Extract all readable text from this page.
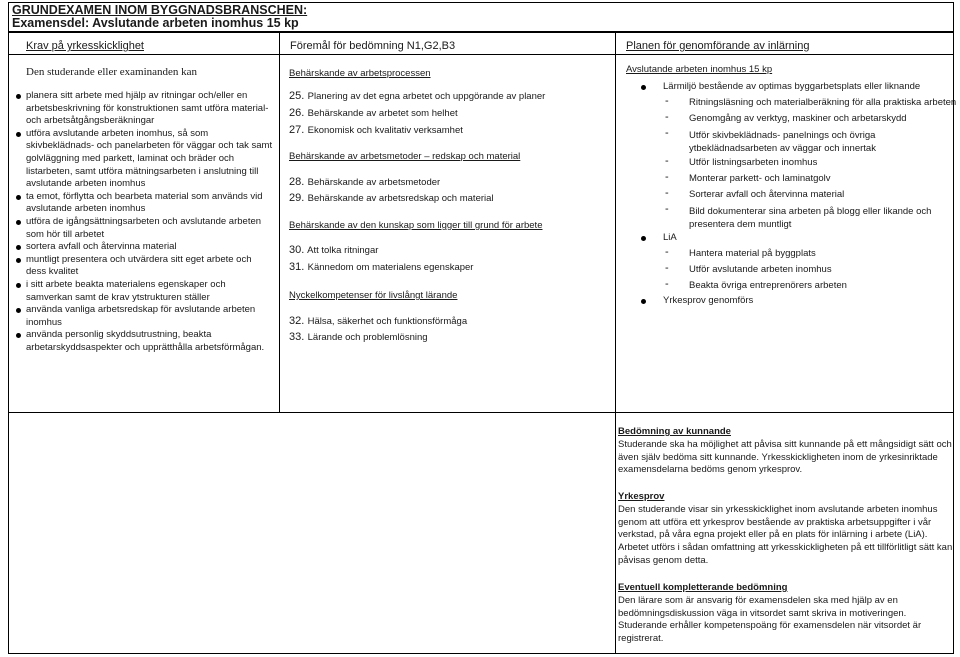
GRUNDEXAMEN INOM BYGGNADSBRANSCHEN:
Examensdel: Avslutande arbeten inomhus 15 kp
Krav på yrkesskicklighet
Den studerande eller examinanden kan
planera sitt arbete med hjälp av ritningar och/eller en arbetsbeskrivning för konstruktionen samt utföra material- och arbetsåtgångsberäkningar
utföra avslutande arbeten inomhus, så som skivbeklädnads- och panelarbeten för väggar och tak samt golvläggning med parkett, laminat och bräder och listarbeten, samt utföra mätningsarbeten i anslutning till avslutande arbeten inomhus
ta emot, förflytta och bearbeta material som används vid avslutande arbeten inomhus
utföra de igångsättningsarbeten och avslutande arbeten som hör till arbetet
sortera avfall och återvinna material
muntligt presentera och utvärdera sitt eget arbete och dess kvalitet
i sitt arbete beakta materialens egenskaper och samverkan samt de krav ytstrukturen ställer
använda vanliga arbetsredskap för avslutande arbeten inomhus
använda personlig skyddsutrustning, beakta arbetarskyddsaspekter och upprätthålla arbetsförmågan.
Föremål för bedömning N1,G2,B3
Behärskande av arbetsprocessen
25. Planering av det egna arbetet och uppgörande av planer
26. Behärskande av arbetet som helhet
27. Ekonomisk och kvalitativ verksamhet
Behärskande av arbetsmetoder – redskap och material
28. Behärskande av arbetsmetoder
29. Behärskande av arbetsredskap och material
Behärskande av den kunskap som ligger till grund för arbete
30. Att tolka ritningar
31. Kännedom om materialens egenskaper
Nyckelkompetenser för livslångt lärande
32. Hälsa, säkerhet och funktionsförmåga
33. Lärande och problemlösning
Planen för genomförande av inlärning
Avslutande arbeten inomhus 15 kp
Lärmiljö bestående av optimas byggarbetsplats eller liknande
- Ritningsläsning och materialberäkning för alla praktiska arbeten
- Genomgång av verktyg, maskiner och arbetarskydd
- Utför skivbeklädnads- panelnings och övriga ytbeklädnadsarbeten av väggar och innertak
- Utför listningsarbeten inomhus
- Monterar parkett- och laminatgolv
- Sorterar avfall och återvinna material
- Bild dokumenterar sina arbeten på blogg eller likande och presentera dem muntligt
LiA
- Hantera material på byggplats
- Utför avslutande arbeten inomhus
- Beakta övriga entreprenörers arbeten
Yrkesprov genomförs
Bedömning av kunnande
Studerande ska ha möjlighet att påvisa sitt kunnande på ett mångsidigt sätt och även själv bedöma sitt kunnande. Yrkesskickligheten inom de yrkesinriktade examensdelarna bedöms genom yrkesprov.
Yrkesprov
Den studerande visar sin yrkesskicklighet inom avslutande arbeten inomhus genom att utföra ett yrkesprov bestående av praktiska arbetsuppgifter i vår verkstad, på våra egna projekt eller på en plats för inlärning i arbete (LiA). Arbetet utförs i sådan omfattning att yrkesskickligheten på ett tillförlitligt sätt kan påvisas genom detta.
Eventuell kompletterande bedömning
Den lärare som är ansvarig för examensdelen ska med hjälp av en bedömningsdiskussion väga in vitsordet samt skriva in motiveringen. Studerande erhåller kompetenspoäng för examensdelen när vitsordet är registrerat.
